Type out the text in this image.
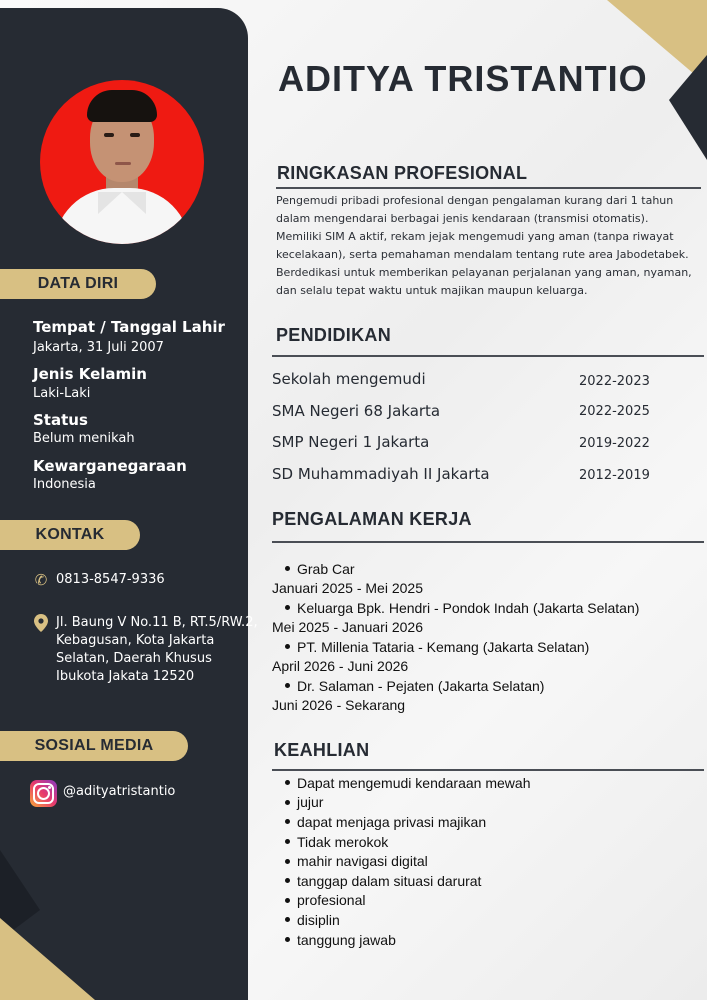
DATA DIRI
Tempat / Tanggal Lahir
Jakarta, 31 Juli 2007
Jenis Kelamin
Laki-Laki
Status
Belum menikah
Kewarganegaraan
Indonesia
KONTAK
✆ 0813-8547-9336
Jl. Baung V No.11 B, RT.5/RW.2,
Kebagusan, Kota Jakarta
Selatan, Daerah Khusus
Ibukota Jakata 12520
SOSIAL MEDIA
@adityatristantio
ADITYA TRISTANTIO
RINGKASAN PROFESIONAL
Pengemudi pribadi profesional dengan pengalaman kurang dari 1 tahun dalam mengendarai berbagai jenis kendaraan (transmisi otomatis). Memiliki SIM A aktif, rekam jejak mengemudi yang aman (tanpa riwayat kecelakaan), serta pemahaman mendalam tentang rute area Jabodetabek. Berdedikasi untuk memberikan pelayanan perjalanan yang aman, nyaman, dan selalu tepat waktu untuk majikan maupun keluarga.
PENDIDIKAN
Sekolah mengemudi	2022-2023
SMA Negeri 68 Jakarta	2022-2025
SMP Negeri 1 Jakarta	2019-2022
SD Muhammadiyah II Jakarta	2012-2019
PENGALAMAN KERJA
Grab Car
Januari 2025 - Mei 2025
Keluarga Bpk. Hendri - Pondok Indah (Jakarta Selatan)
Mei 2025 - Januari 2026
PT. Millenia Tataria - Kemang (Jakarta Selatan)
April 2026 - Juni 2026
Dr. Salaman - Pejaten (Jakarta Selatan)
Juni 2026 - Sekarang
KEAHLIAN
Dapat mengemudi kendaraan mewah
jujur
dapat menjaga privasi majikan
Tidak merokok
mahir navigasi digital
tanggap dalam situasi darurat
profesional
disiplin
tanggung jawab
